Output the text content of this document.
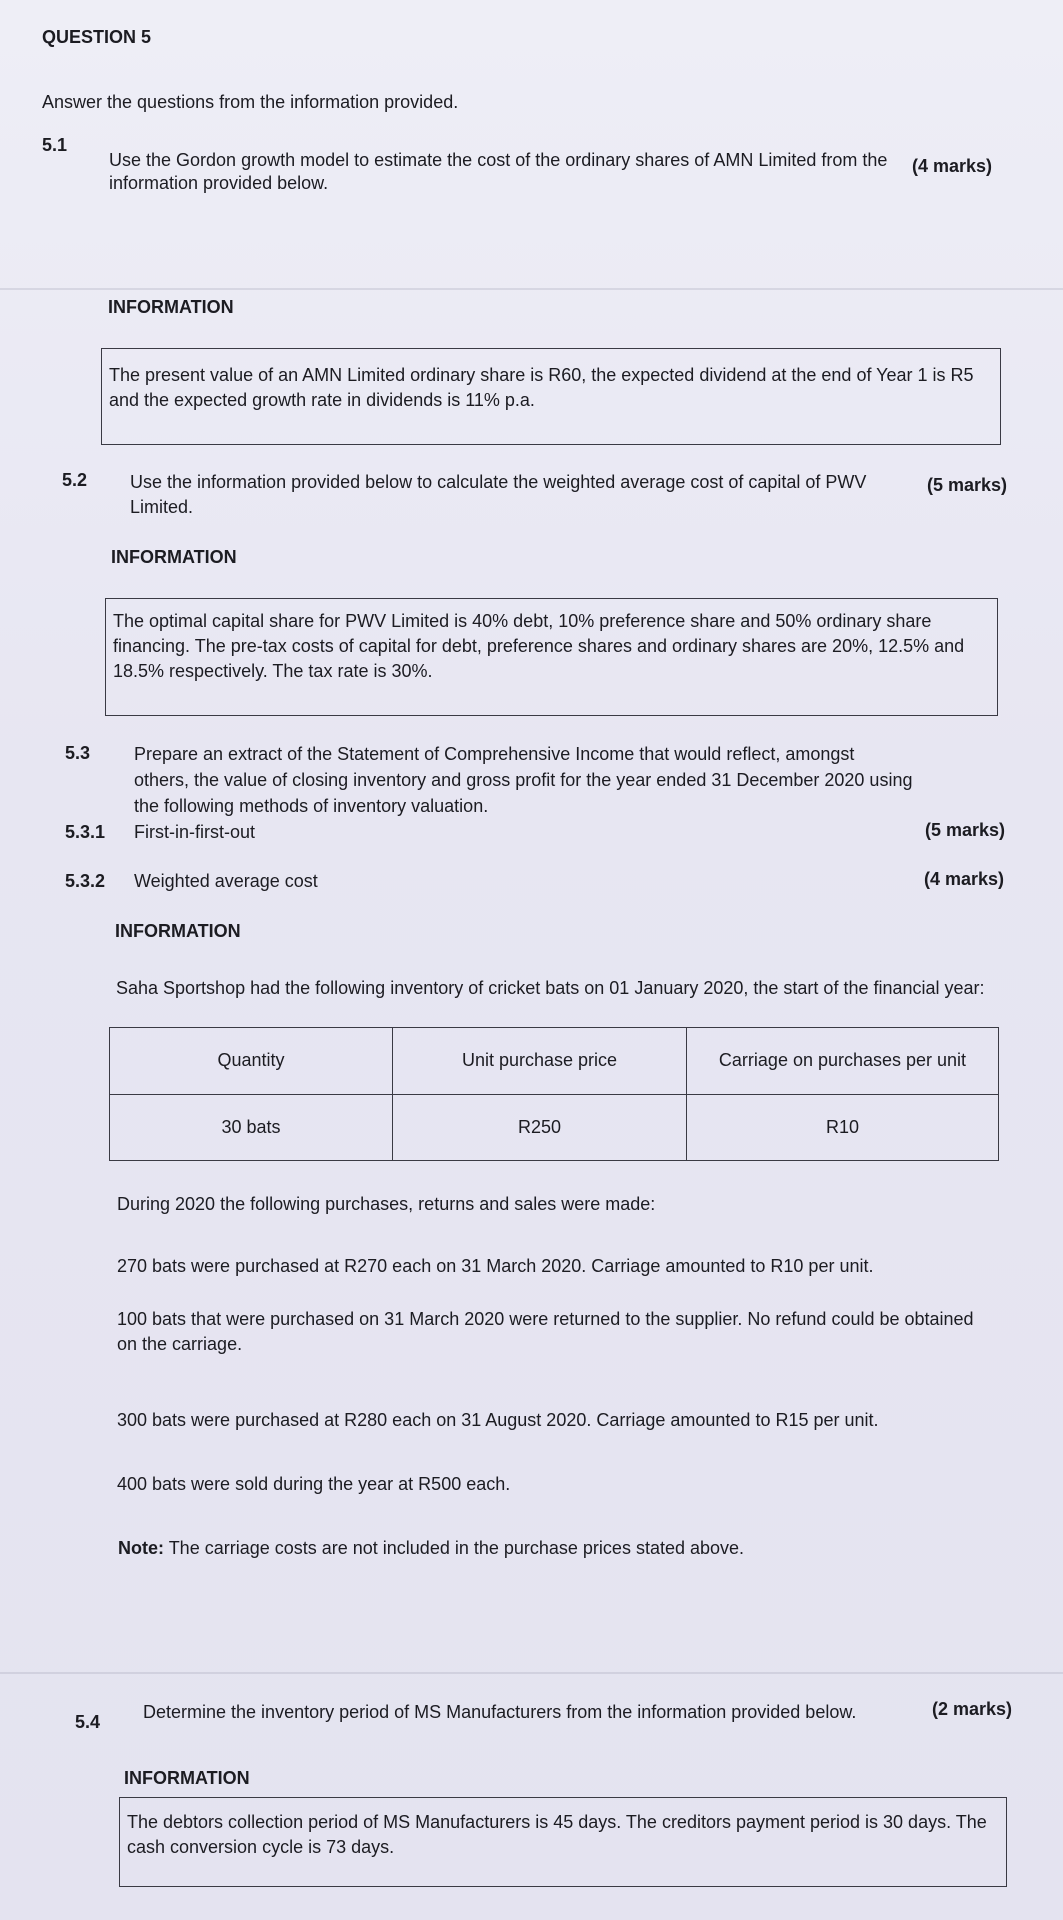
QUESTION 5
Answer the questions from the information provided.
5.1
Use the Gordon growth model to estimate the cost of the ordinary shares of AMN Limited from the information provided below.
(4 marks)
INFORMATION
The present value of an AMN Limited ordinary share is R60, the expected dividend at the end of Year 1 is R5 and the expected growth rate in dividends is 11% p.a.
5.2 Use the information provided below to calculate the weighted average cost of capital of PWV Limited.
(5 marks)
INFORMATION
The optimal capital share for PWV Limited is 40% debt, 10% preference share and 50% ordinary share financing. The pre-tax costs of capital for debt, preference shares and ordinary shares are 20%, 12.5% and 18.5% respectively. The tax rate is 30%.
5.3 Prepare an extract of the Statement of Comprehensive Income that would reflect, amongst others, the value of closing inventory and gross profit for the year ended 31 December 2020 using the following methods of inventory valuation.
5.3.1 First-in-first-out	(5 marks)
5.3.2 Weighted average cost	(4 marks)
INFORMATION
Saha Sportshop had the following inventory of cricket bats on 01 January 2020, the start of the financial year:
Quantity	Unit purchase price	Carriage on purchases per unit
30 bats	R250	R10
During 2020 the following purchases, returns and sales were made:
270 bats were purchased at R270 each on 31 March 2020. Carriage amounted to R10 per unit.
100 bats that were purchased on 31 March 2020 were returned to the supplier. No refund could be obtained on the carriage.
300 bats were purchased at R280 each on 31 August 2020. Carriage amounted to R15 per unit.
400 bats were sold during the year at R500 each.
Note: The carriage costs are not included in the purchase prices stated above.
5.4 Determine the inventory period of MS Manufacturers from the information provided below.	(2 marks)
INFORMATION
The debtors collection period of MS Manufacturers is 45 days. The creditors payment period is 30 days. The cash conversion cycle is 73 days.
